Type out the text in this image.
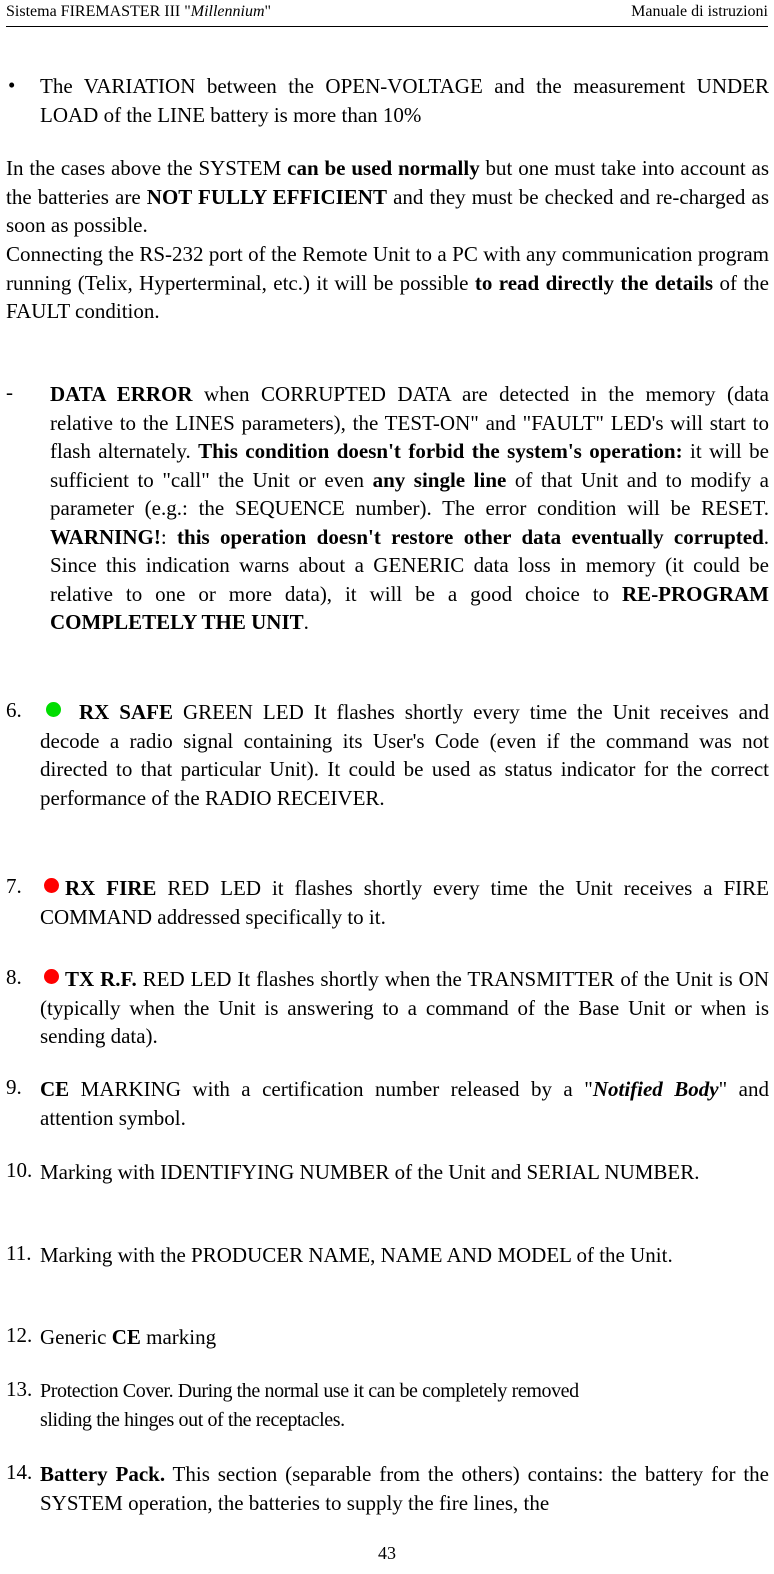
Sistema FIREMASTER III "Millennium"	Manuale di istruzioni
• The VARIATION between the OPEN-VOLTAGE and the measurement UNDER LOAD of the LINE battery is more than 10%
In the cases above the SYSTEM can be used normally but one must take into account as the batteries are NOT FULLY EFFICIENT and they must be checked and re-charged as soon as possible.
Connecting the RS-232 port of the Remote Unit to a PC with any communication program running (Telix, Hyperterminal, etc.) it will be possible to read directly the details of the FAULT condition.
- DATA ERROR when CORRUPTED DATA are detected in the memory (data relative to the LINES parameters), the TEST-ON" and "FAULT" LED's will start to flash alternately. This condition doesn't forbid the system's operation: it will be sufficient to "call" the Unit or even any single line of that Unit and to modify a parameter (e.g.: the SEQUENCE number). The error condition will be RESET. WARNING!: this operation doesn't restore other data eventually corrupted. Since this indication warns about a GENERIC data loss in memory (it could be relative to one or more data), it will be a good choice to RE-PROGRAM COMPLETELY THE UNIT.
6.	RX SAFE GREEN LED It flashes shortly every time the Unit receives and decode a radio signal containing its User's Code (even if the command was not directed to that particular Unit). It could be used as status indicator for the correct performance of the RADIO RECEIVER.
7.	RX FIRE RED LED it flashes shortly every time the Unit receives a FIRE COMMAND addressed specifically to it.
8.	TX R.F. RED LED It flashes shortly when the TRANSMITTER of the Unit is ON (typically when the Unit is answering to a command of the Base Unit or when is sending data).
9. CE MARKING with a certification number released by a "Notified Body" and attention symbol.
10. Marking with IDENTIFYING NUMBER of the Unit and SERIAL NUMBER.
11. Marking with the PRODUCER NAME, NAME AND MODEL of the Unit.
12. Generic CE marking
13. Protection Cover. During the normal use it can be completely removed
sliding the hinges out of the receptacles.
14. Battery Pack. This section (separable from the others) contains: the battery for the SYSTEM operation, the batteries to supply the fire lines, the
43
